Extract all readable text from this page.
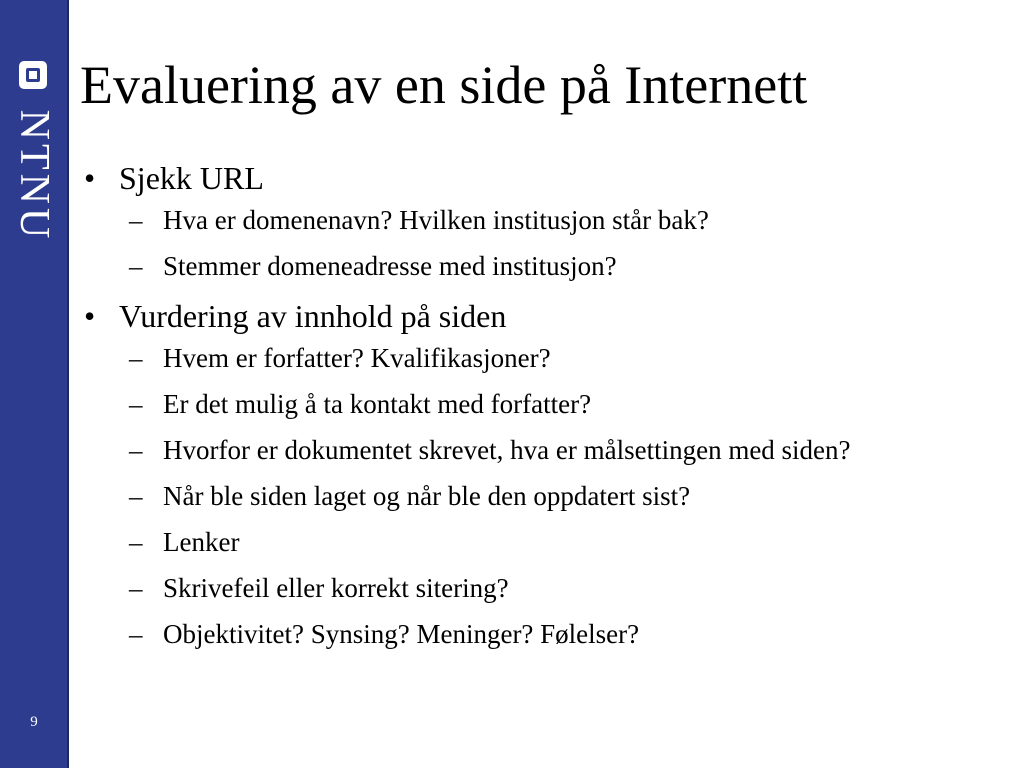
NTNU
9
Evaluering av en side på Internett
• Sjekk URL
– Hva er domenenavn? Hvilken institusjon står bak?
– Stemmer domeneadresse med institusjon?
• Vurdering av innhold på siden
– Hvem er forfatter? Kvalifikasjoner?
– Er det mulig å ta kontakt med forfatter?
– Hvorfor er dokumentet skrevet, hva er målsettingen med siden?
– Når ble siden laget og når ble den oppdatert sist?
– Lenker
– Skrivefeil eller korrekt sitering?
– Objektivitet? Synsing? Meninger? Følelser?
